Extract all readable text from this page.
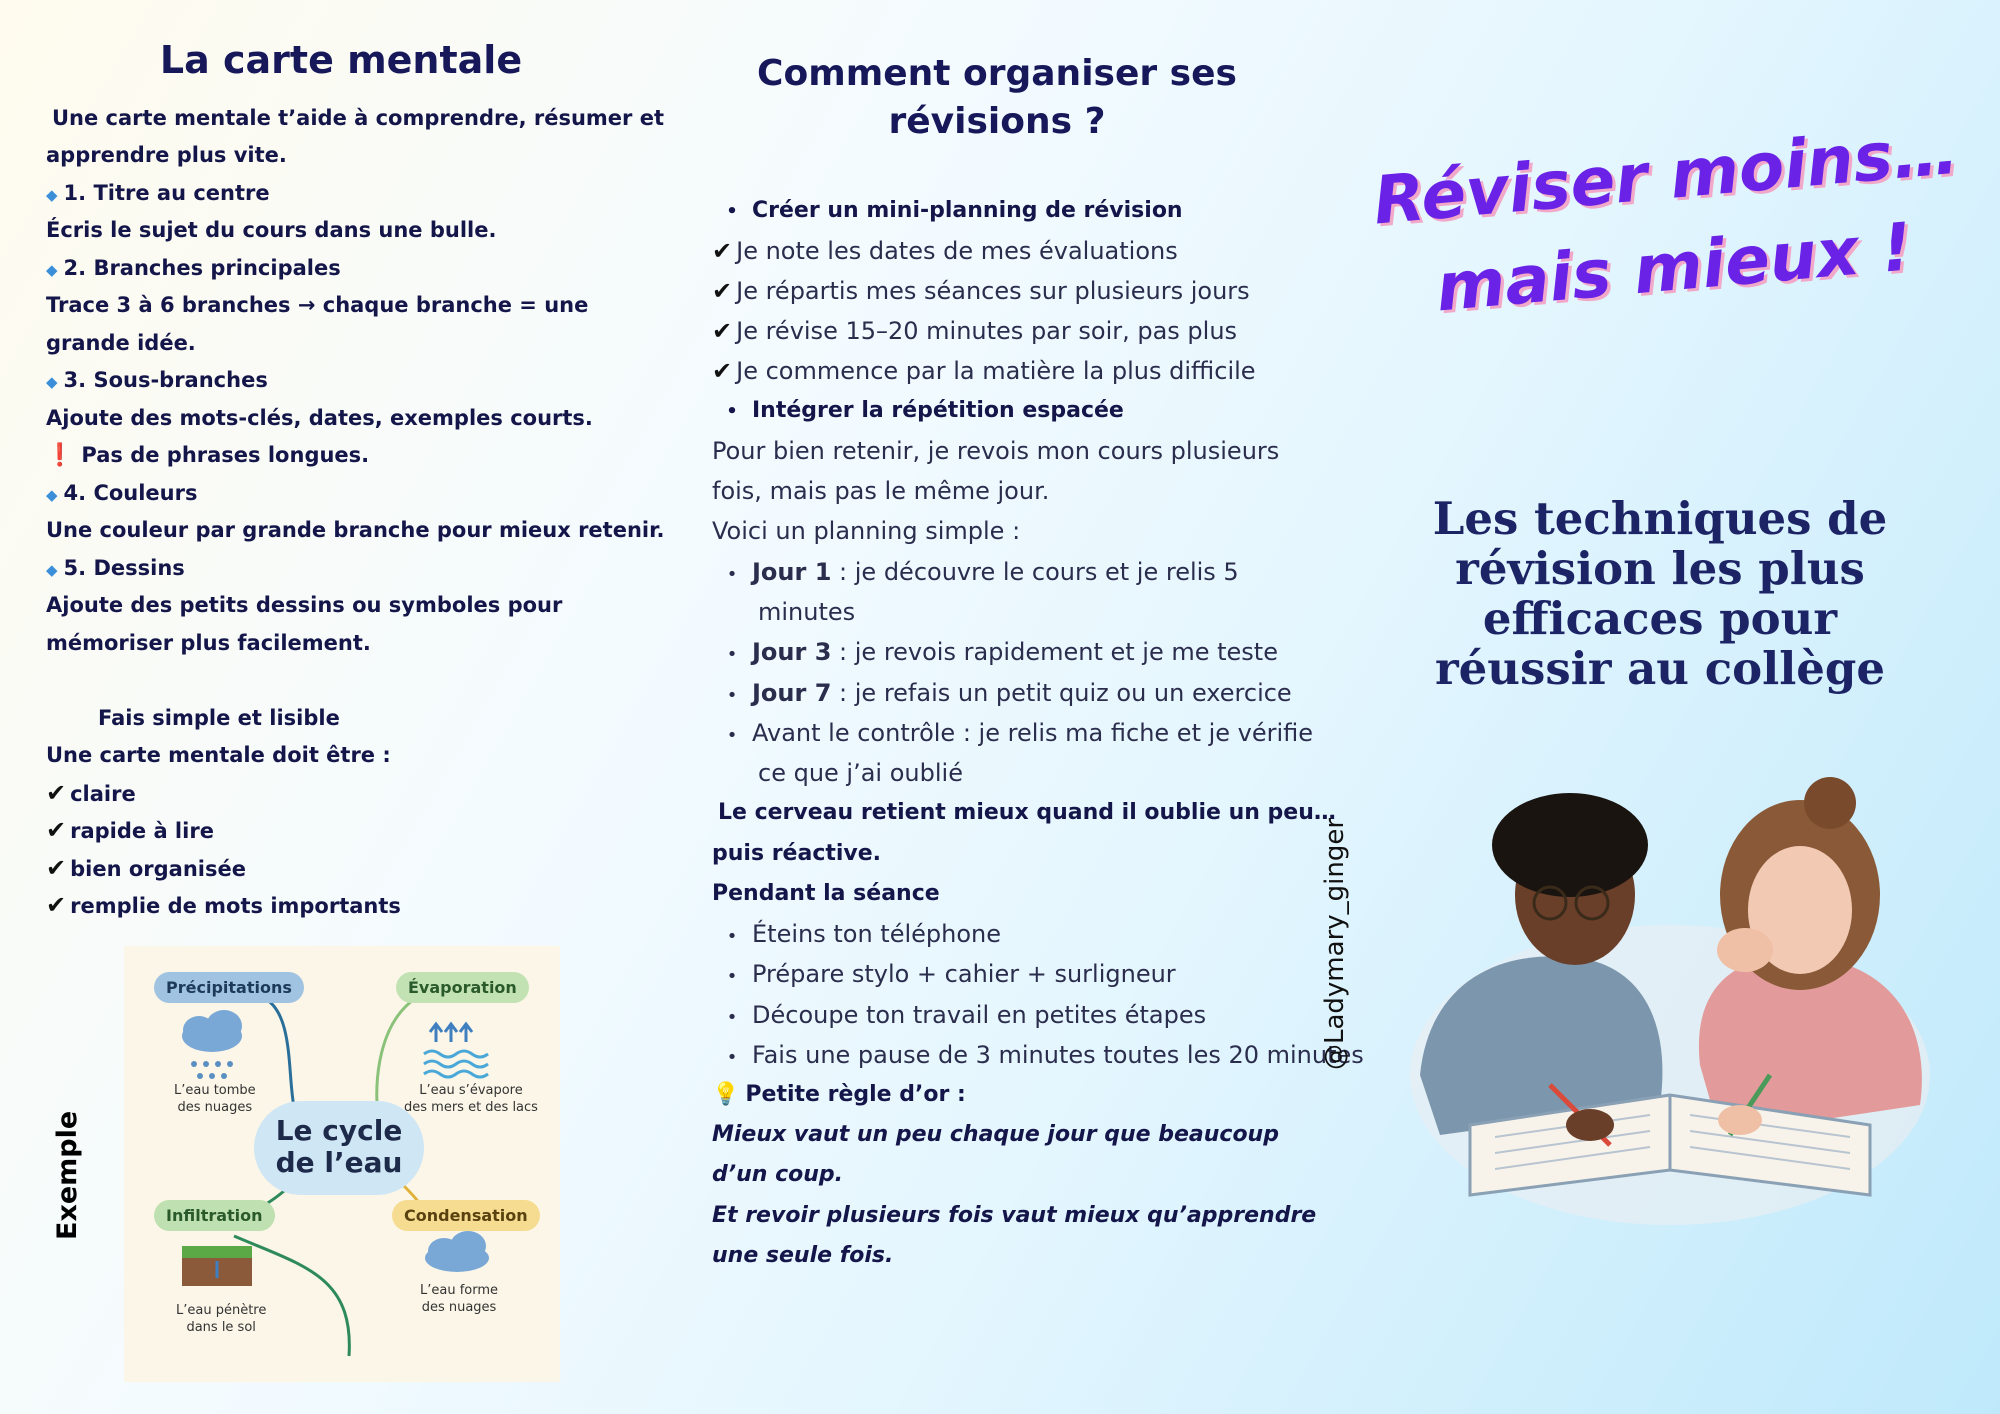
La carte mentale
Une carte mentale t’aide à comprendre, résumer et
apprendre plus vite.
◆ 1. Titre au centre
Écris le sujet du cours dans une bulle.
◆ 2. Branches principales
Trace 3 à 6 branches → chaque branche = une
grande idée.
◆ 3. Sous-branches
Ajoute des mots-clés, dates, exemples courts.
❗ Pas de phrases longues.
◆ 4. Couleurs
Une couleur par grande branche pour mieux retenir.
◆ 5. Dessins
Ajoute des petits dessins ou symboles pour
mémoriser plus facilement.
Fais simple et lisible
Une carte mentale doit être :
✔ claire
✔ rapide à lire
✔ bien organisée
✔ remplie de mots importants
Exemple
Précipitations
L’eau tombe
des nuages
Évaporation
L’eau s’évapore
des mers et des lacs
Le cycle de l’eau
Infiltration
L’eau pénètre
dans le sol
Condensation
L’eau forme
des nuages
Comment organiser ses
révisions ?
• Créer un mini-planning de révision
✔ Je note les dates de mes évaluations
✔ Je répartis mes séances sur plusieurs jours
✔ Je révise 15–20 minutes par soir, pas plus
✔ Je commence par la matière la plus difficile
• Intégrer la répétition espacée
Pour bien retenir, je revois mon cours plusieurs
fois, mais pas le même jour.
Voici un planning simple :
• Jour 1 : je découvre le cours et je relis 5
minutes
• Jour 3 : je revois rapidement et je me teste
• Jour 7 : je refais un petit quiz ou un exercice
• Avant le contrôle : je relis ma fiche et je vérifie
ce que j’ai oublié
Le cerveau retient mieux quand il oublie un peu…
puis réactive.
Pendant la séance
• Éteins ton téléphone
• Prépare stylo + cahier + surligneur
• Découpe ton travail en petites étapes
• Fais une pause de 3 minutes toutes les 20 minutes
💡 Petite règle d’or :
Mieux vaut un peu chaque jour que beaucoup
d’un coup.
Et revoir plusieurs fois vaut mieux qu’apprendre
une seule fois.
@Ladymary_ginger
Réviser moins…
mais mieux !
Les techniques de révision les plus efficaces pour réussir au collège
